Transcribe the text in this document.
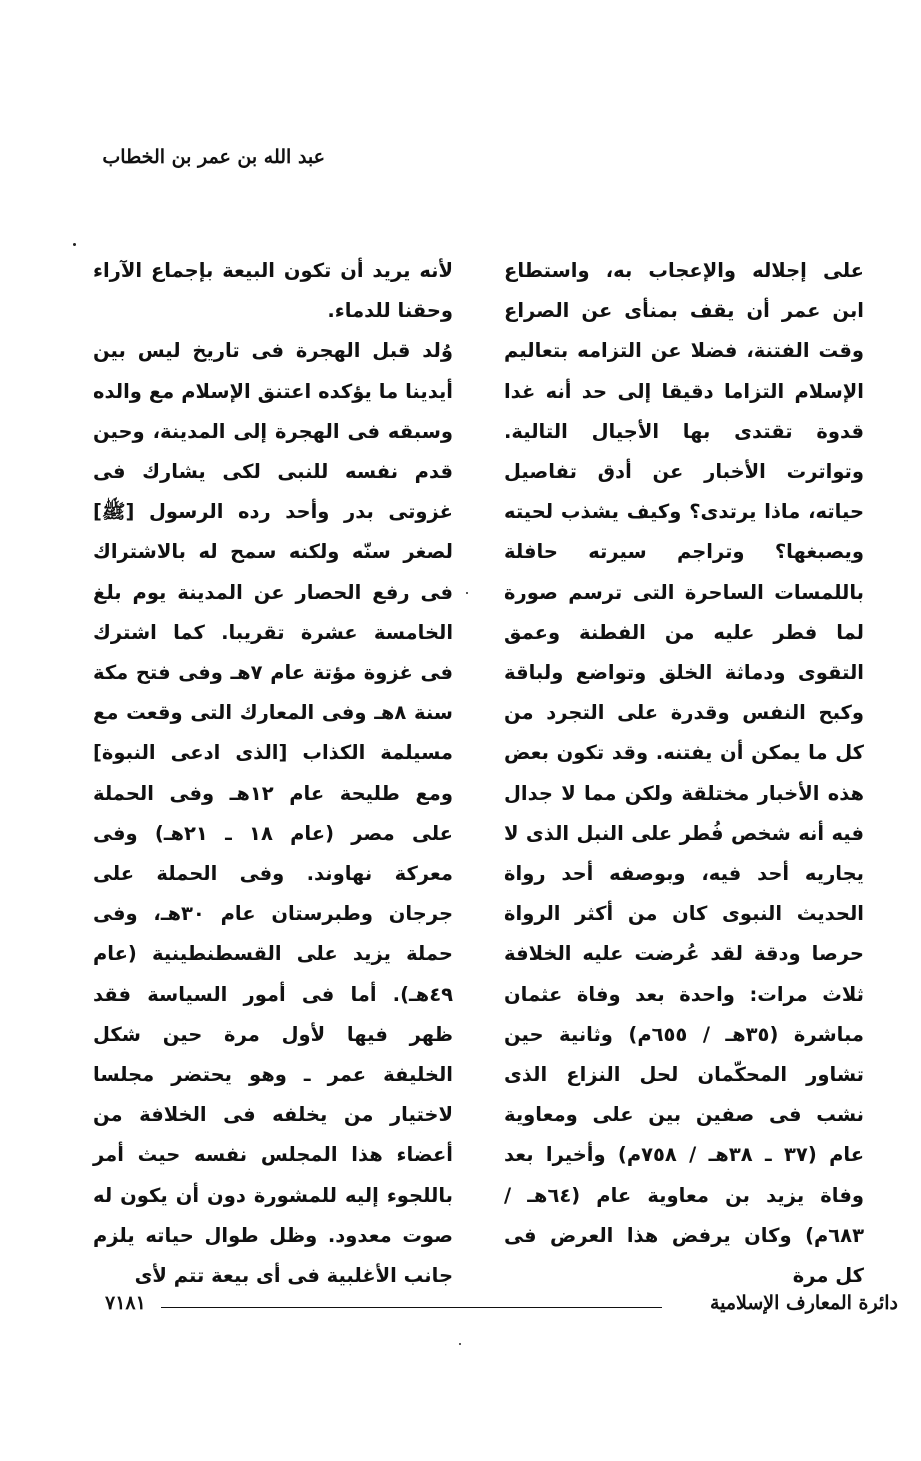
عبد الله بن عمر بن الخطاب

على إجلاله والإعجاب به، واستطاع ابن عمر أن يقف بمنأى عن الصراع وقت الفتنة، فضلا عن التزامه بتعاليم الإسلام التزاما دقيقا إلى حد أنه غدا قدوة تقتدى بها الأجيال التالية. وتواترت الأخبار عن أدق تفاصيل حياته، ماذا يرتدى؟ وكيف يشذب لحيته ويصبغها؟ وتراجم سيرته حافلة باللمسات الساحرة التى ترسم صورة لما فطر عليه من الفطنة وعمق التقوى ودماثة الخلق وتواضع ولباقة وكبح النفس وقدرة على التجرد من كل ما يمكن أن يفتنه. وقد تكون بعض هذه الأخبار مختلقة ولكن مما لا جدال فيه أنه شخص فُطر على النبل الذى لا يجاريه أحد فيه، وبوصفه أحد رواة الحديث النبوى كان من أكثر الرواة حرصا ودقة لقد عُرضت عليه الخلافة ثلاث مرات: واحدة بعد وفاة عثمان مباشرة (٣٥هـ / ٦٥٥م) وثانية حين تشاور المحكّمان لحل النزاع الذى نشب فى صفين بين على ومعاوية عام (٣٧ ـ ٣٨هـ / ٧٥٨م) وأخيرا بعد وفاة يزيد بن معاوية عام (٦٤هـ / ٦٨٣م) وكان يرفض هذا العرض فى كل مرة

لأنه يريد أن تكون البيعة بإجماع الآراء وحقنا للدماء.

وُلد قبل الهجرة فى تاريخ ليس بين أيدينا ما يؤكده اعتنق الإسلام مع والده وسبقه فى الهجرة إلى المدينة، وحين قدم نفسه للنبى لكى يشارك فى غزوتى بدر وأحد رده الرسول [ﷺ] لصغر سنّه ولكنه سمح له بالاشتراك فى رفع الحصار عن المدينة يوم بلغ الخامسة عشرة تقريبا. كما اشترك فى غزوة مؤتة عام ٧هـ وفى فتح مكة سنة ٨هـ وفى المعارك التى وقعت مع مسيلمة الكذاب [الذى ادعى النبوة] ومع طليحة عام ١٢هـ وفى الحملة على مصر (عام ١٨ ـ ٢١هـ) وفى معركة نهاوند. وفى الحملة على جرجان وطبرستان عام ٣٠هـ، وفى حملة يزيد على القسطنطينية (عام ٤٩هـ). أما فى أمور السياسة فقد ظهر فيها لأول مرة حين شكل الخليفة عمر ـ وهو يحتضر مجلسا لاختيار من يخلفه فى الخلافة من أعضاء هذا المجلس نفسه حيث أمر باللجوء إليه للمشورة دون أن يكون له صوت معدود. وظل طوال حياته يلزم جانب الأغلبية فى أى بيعة تتم لأى

٧١٨١	دائرة المعارف الإسلامية
